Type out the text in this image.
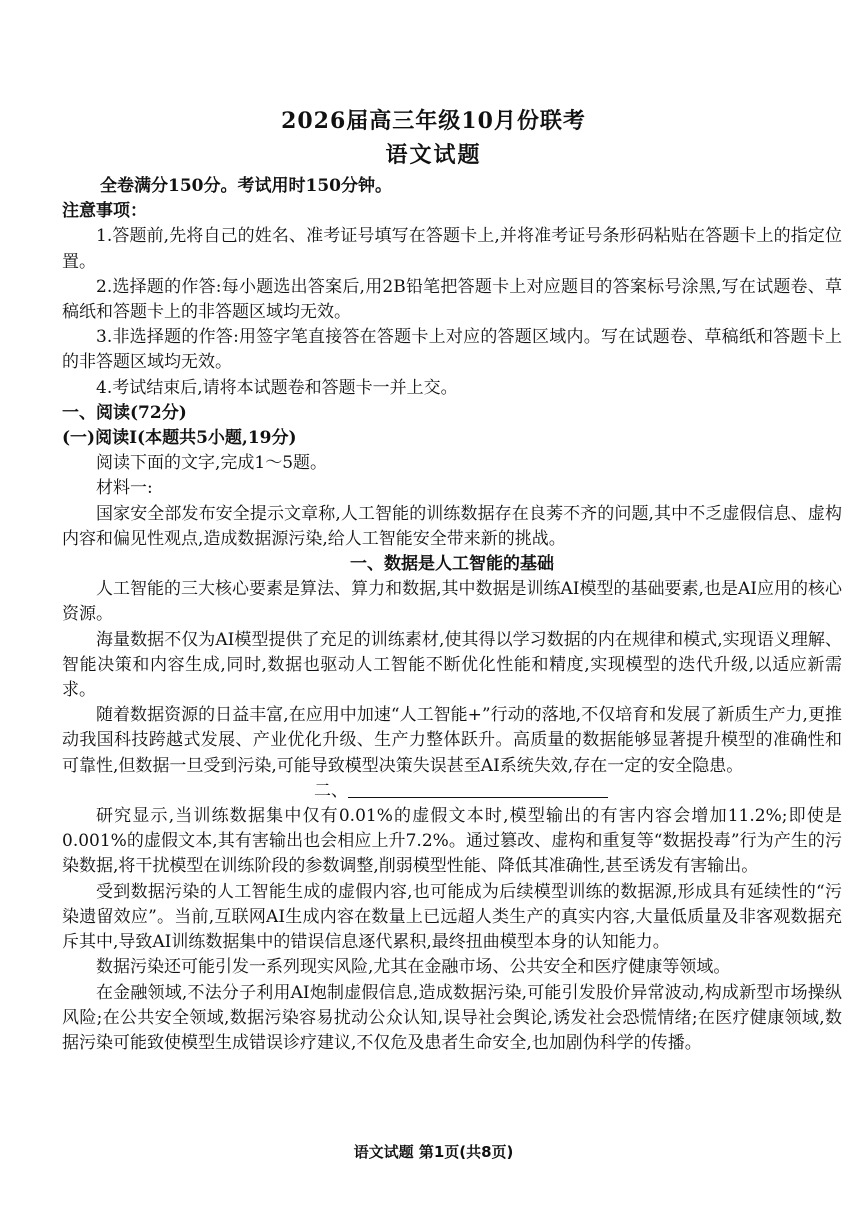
2026届高三年级10月份联考
语文试题

全卷满分150分。考试用时150分钟。

注意事项：

1.答题前,先将自己的姓名、准考证号填写在答题卡上,并将准考证号条形码粘贴在答题卡上的指定位置。

2.选择题的作答:每小题选出答案后,用2B铅笔把答题卡上对应题目的答案标号涂黑,写在试题卷、草稿纸和答题卡上的非答题区域均无效。

3.非选择题的作答:用签字笔直接答在答题卡上对应的答题区域内。写在试题卷、草稿纸和答题卡上的非答题区域均无效。

4.考试结束后,请将本试题卷和答题卡一并上交。

一、阅读(72分)

(一)阅读Ⅰ(本题共5小题,19分)

阅读下面的文字,完成1～5题。

材料一:

国家安全部发布安全提示文章称,人工智能的训练数据存在良莠不齐的问题,其中不乏虚假信息、虚构内容和偏见性观点,造成数据源污染,给人工智能安全带来新的挑战。

一、数据是人工智能的基础

人工智能的三大核心要素是算法、算力和数据,其中数据是训练AI模型的基础要素,也是AI应用的核心资源。

海量数据不仅为AI模型提供了充足的训练素材,使其得以学习数据的内在规律和模式,实现语义理解、智能决策和内容生成,同时,数据也驱动人工智能不断优化性能和精度,实现模型的迭代升级,以适应新需求。

随着数据资源的日益丰富,在应用中加速“人工智能+”行动的落地,不仅培育和发展了新质生产力,更推动我国科技跨越式发展、产业优化升级、生产力整体跃升。高质量的数据能够显著提升模型的准确性和可靠性,但数据一旦受到污染,可能导致模型决策失误甚至AI系统失效,存在一定的安全隐患。

二、

研究显示,当训练数据集中仅有0.01%的虚假文本时,模型输出的有害内容会增加11.2%;即使是0.001%的虚假文本,其有害输出也会相应上升7.2%。通过篡改、虚构和重复等“数据投毒”行为产生的污染数据,将干扰模型在训练阶段的参数调整,削弱模型性能、降低其准确性,甚至诱发有害输出。

受到数据污染的人工智能生成的虚假内容,也可能成为后续模型训练的数据源,形成具有延续性的“污染遗留效应”。当前,互联网AI生成内容在数量上已远超人类生产的真实内容,大量低质量及非客观数据充斥其中,导致AI训练数据集中的错误信息逐代累积,最终扭曲模型本身的认知能力。

数据污染还可能引发一系列现实风险,尤其在金融市场、公共安全和医疗健康等领域。

在金融领域,不法分子利用AI炮制虚假信息,造成数据污染,可能引发股价异常波动,构成新型市场操纵风险;在公共安全领域,数据污染容易扰动公众认知,误导社会舆论,诱发社会恐慌情绪;在医疗健康领域,数据污染可能致使模型生成错误诊疗建议,不仅危及患者生命安全,也加剧伪科学的传播。

语文试题 第1页(共8页)
